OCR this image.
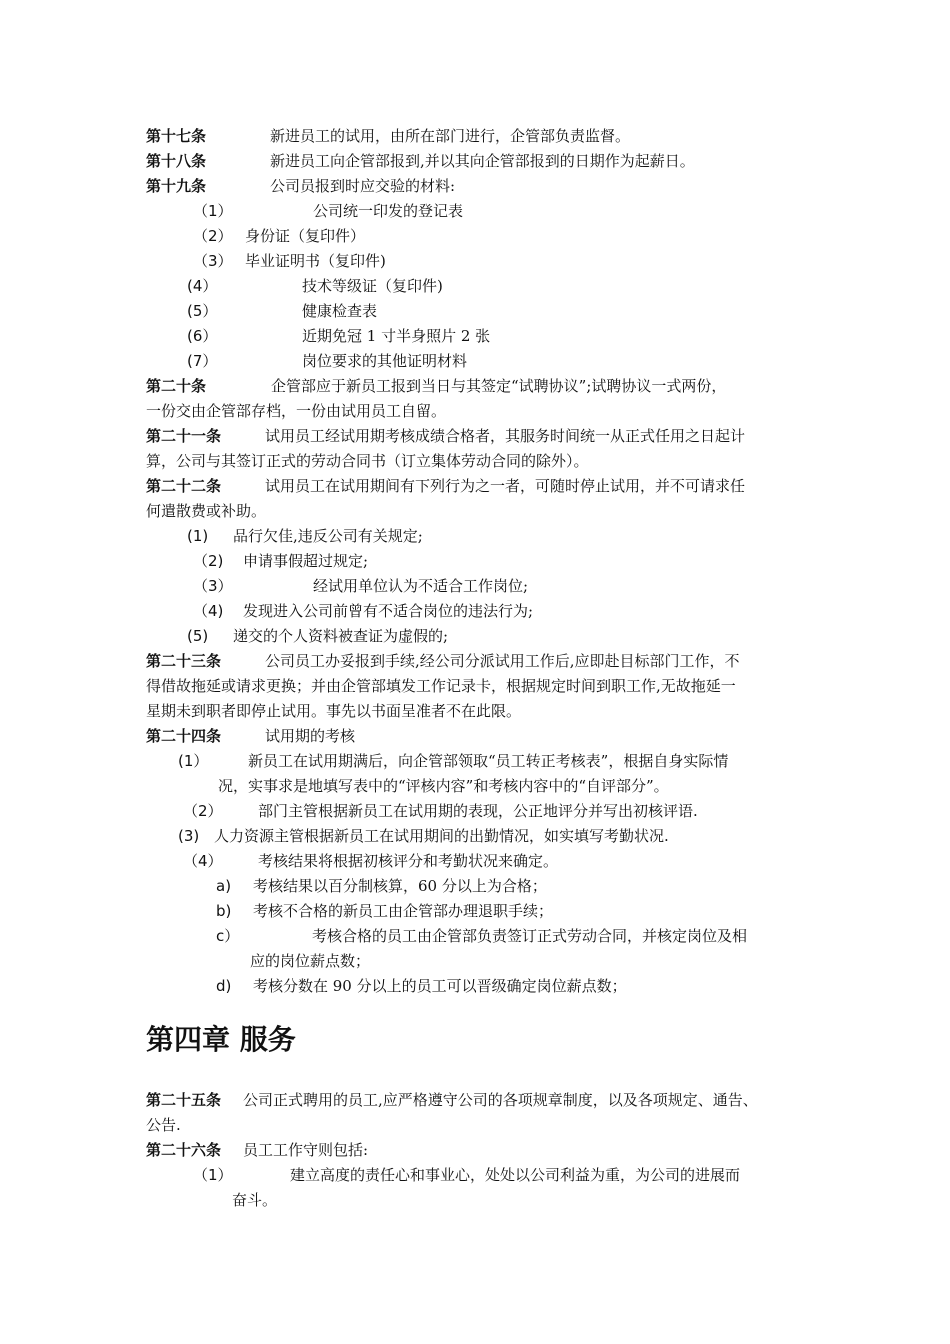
第十七条	新进员工的试用，由所在部门进行，企管部负责监督。
第十八条	新进员工向企管部报到,并以其向企管部报到的日期作为起薪日。
第十九条	公司员报到时应交验的材料:
（1）	公司统一印发的登记表
（2） 身份证（复印件）
（3） 毕业证明书（复印件)
(4）	技术等级证（复印件)
(5）	健康检查表
(6）	近期免冠 1 寸半身照片 2 张
(7）	岗位要求的其他证明材料
第二十条	企管部应于新员工报到当日与其签定“试聘协议”;试聘协议一式两份，
一份交由企管部存档，一份由试用员工自留。
第二十一条	试用员工经试用期考核成绩合格者，其服务时间统一从正式任用之日起计
算，公司与其签订正式的劳动合同书（订立集体劳动合同的除外）。
第二十二条	试用员工在试用期间有下列行为之一者，可随时停止试用，并不可请求任
何遣散费或补助。
(1) 品行欠佳,违反公司有关规定;
（2) 申请事假超过规定;
（3）	经试用单位认为不适合工作岗位;
（4) 发现进入公司前曾有不适合岗位的违法行为;
(5) 递交的个人资料被查证为虚假的;
第二十三条	公司员工办妥报到手续,经公司分派试用工作后,应即赴目标部门工作，不
得借故拖延或请求更换；并由企管部填发工作记录卡，根据规定时间到职工作,无故拖延一
星期未到职者即停止试用。事先以书面呈准者不在此限。
第二十四条	试用期的考核
(1）	新员工在试用期满后，向企管部领取“员工转正考核表”，根据自身实际情
况，实事求是地填写表中的“评核内容”和考核内容中的“自评部分”。
（2） 部门主管根据新员工在试用期的表现，公正地评分并写出初核评语.
(3) 人力资源主管根据新员工在试用期间的出勤情况，如实填写考勤状况.
（4） 考核结果将根据初核评分和考勤状况来确定。
a) 考核结果以百分制核算，60 分以上为合格；
b) 考核不合格的新员工由企管部办理退职手续；
c）	考核合格的员工由企管部负责签订正式劳动合同，并核定岗位及相
应的岗位薪点数；
d) 考核分数在 90 分以上的员工可以晋级确定岗位薪点数；
第四章 服务
第二十五条 公司正式聘用的员工,应严格遵守公司的各项规章制度，以及各项规定、通告、
公告.
第二十六条 员工工作守则包括:
（1）	建立高度的责任心和事业心，处处以公司利益为重，为公司的进展而
奋斗。
